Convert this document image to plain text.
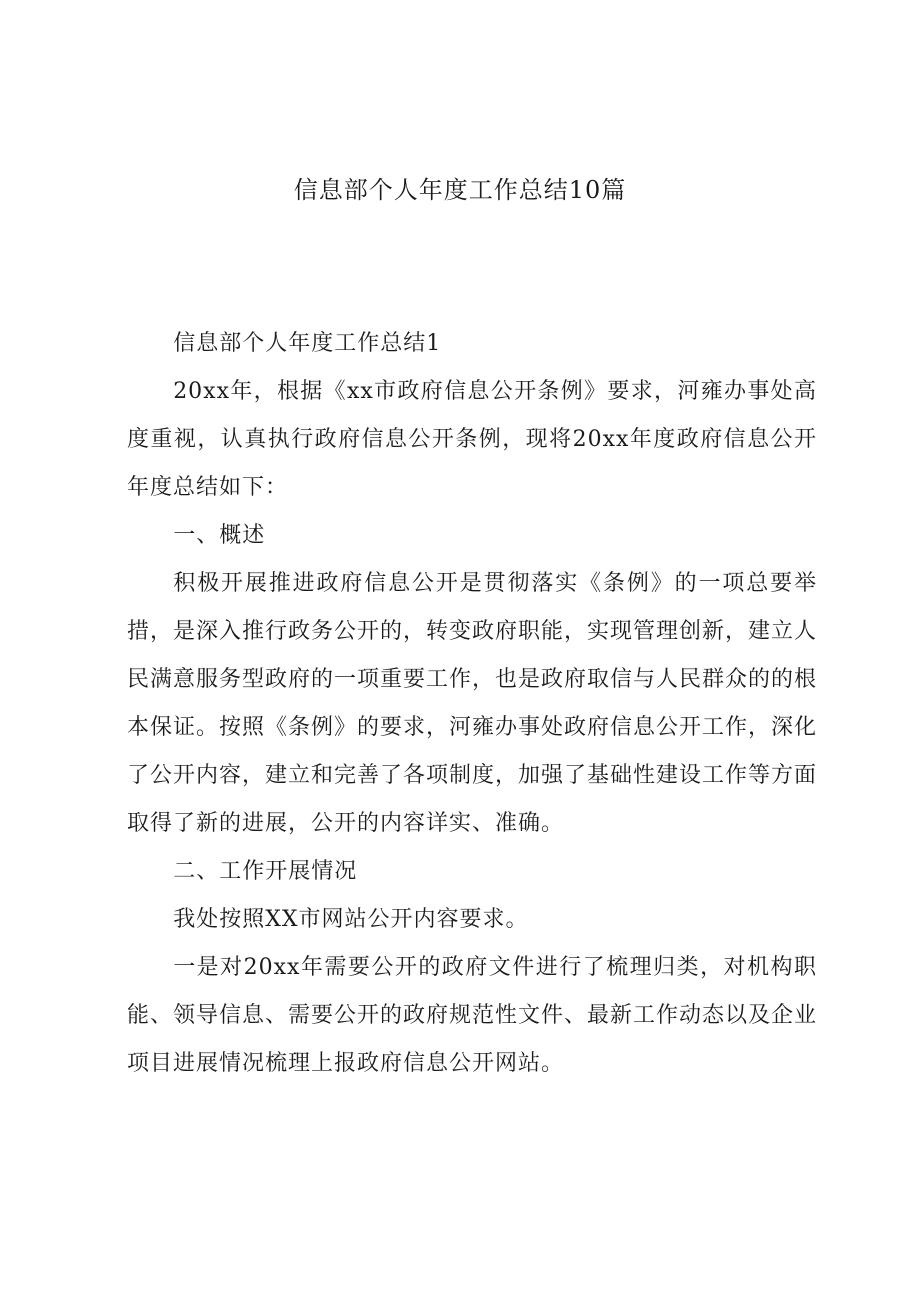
信息部个人年度工作总结10篇

信息部个人年度工作总结1

20xx年，根据《xx市政府信息公开条例》要求，河雍办事处高度重视，认真执行政府信息公开条例，现将20xx年度政府信息公开年度总结如下：

一、概述

积极开展推进政府信息公开是贯彻落实《条例》的一项总要举措，是深入推行政务公开的，转变政府职能，实现管理创新，建立人民满意服务型政府的一项重要工作，也是政府取信与人民群众的的根本保证。按照《条例》的要求，河雍办事处政府信息公开工作，深化了公开内容，建立和完善了各项制度，加强了基础性建设工作等方面取得了新的进展，公开的内容详实、准确。

二、工作开展情况

我处按照XX市网站公开内容要求。

一是对20xx年需要公开的政府文件进行了梳理归类，对机构职能、领导信息、需要公开的政府规范性文件、最新工作动态以及企业项目进展情况梳理上报政府信息公开网站。
